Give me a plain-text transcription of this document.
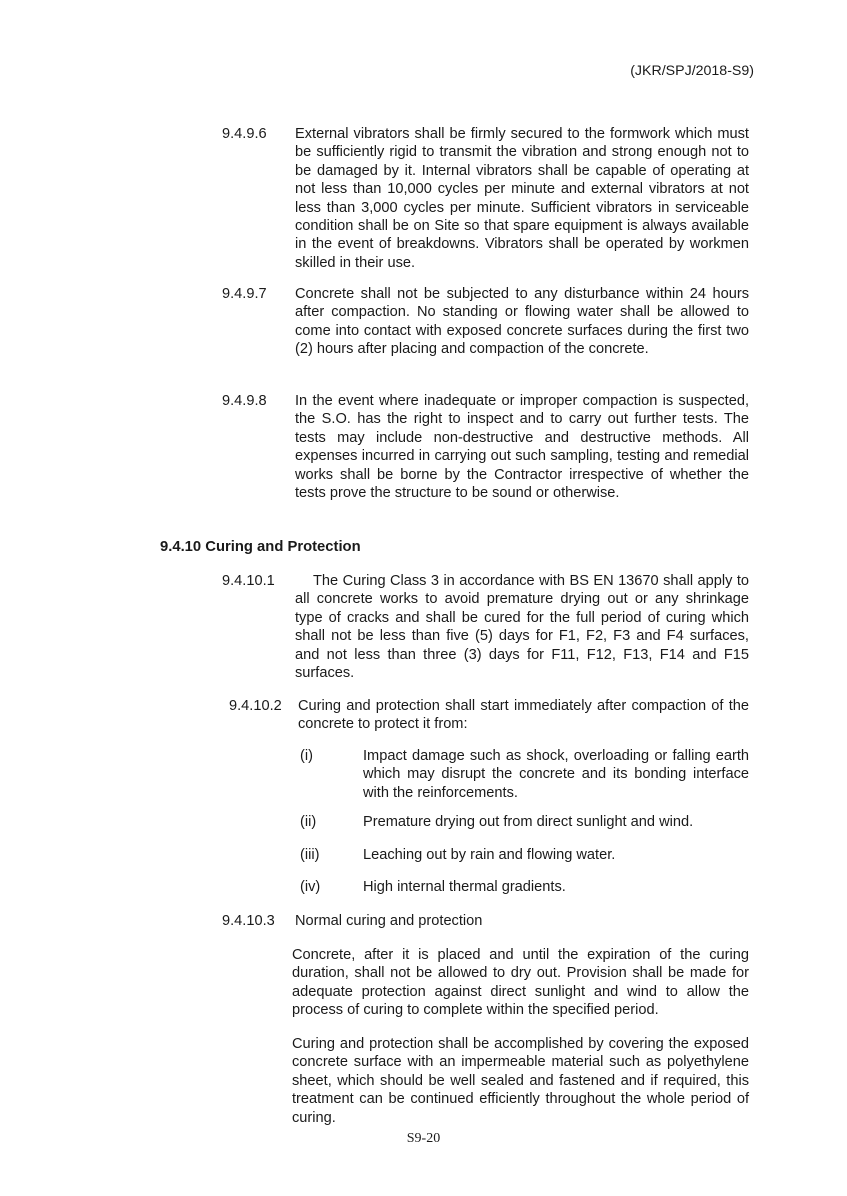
(JKR/SPJ/2018-S9)
9.4.9.6 External vibrators shall be firmly secured to the formwork which must be sufficiently rigid to transmit the vibration and strong enough not to be damaged by it. Internal vibrators shall be capable of operating at not less than 10,000 cycles per minute and external vibrators at not less than 3,000 cycles per minute. Sufficient vibrators in serviceable condition shall be on Site so that spare equipment is always available in the event of breakdowns. Vibrators shall be operated by workmen skilled in their use.
9.4.9.7 Concrete shall not be subjected to any disturbance within 24 hours after compaction. No standing or flowing water shall be allowed to come into contact with exposed concrete surfaces during the first two (2) hours after placing and compaction of the concrete.
9.4.9.8 In the event where inadequate or improper compaction is suspected, the S.O. has the right to inspect and to carry out further tests. The tests may include non-destructive and destructive methods. All expenses incurred in carrying out such sampling, testing and remedial works shall be borne by the Contractor irrespective of whether the tests prove the structure to be sound or otherwise.
9.4.10 Curing and Protection
9.4.10.1	The Curing Class 3 in accordance with BS EN 13670 shall apply to all concrete works to avoid premature drying out or any shrinkage type of cracks and shall be cured for the full period of curing which shall not be less than five (5) days for F1, F2, F3 and F4 surfaces, and not less than three (3) days for F11, F12, F13, F14 and F15 surfaces.
9.4.10.2 Curing and protection shall start immediately after compaction of the concrete to protect it from:
(i)	Impact damage such as shock, overloading or falling earth which may disrupt the concrete and its bonding interface with the reinforcements.
(ii)	Premature drying out from direct sunlight and wind.
(iii)	Leaching out by rain and flowing water.
(iv)	High internal thermal gradients.
9.4.10.3 Normal curing and protection
Concrete, after it is placed and until the expiration of the curing duration, shall not be allowed to dry out. Provision shall be made for adequate protection against direct sunlight and wind to allow the process of curing to complete within the specified period.
Curing and protection shall be accomplished by covering the exposed concrete surface with an impermeable material such as polyethylene sheet, which should be well sealed and fastened and if required, this treatment can be continued efficiently throughout the whole period of curing.
S9-20
